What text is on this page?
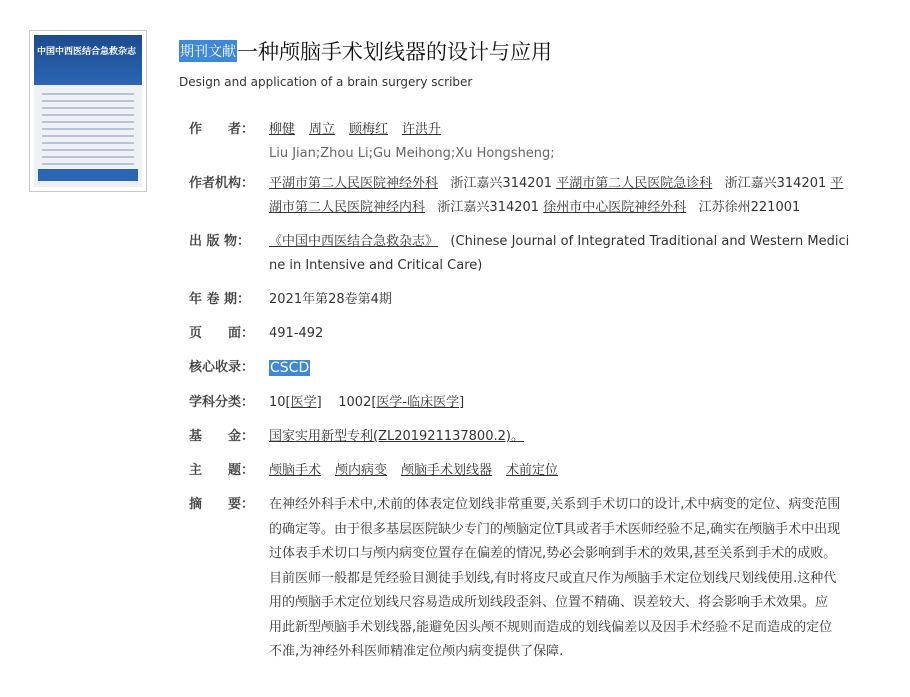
中国中西医结合急救杂志	期刊文献一种颅脑手术划线器的设计与应用
Design and application of a brain surgery scriber
作　　者：	柳健 周立 顾梅红 许洪升
Liu Jian;Zhou Li;Gu Meihong;Xu Hongsheng;
作者机构：	平湖市第二人民医院神经外科 浙江嘉兴314201 平湖市第二人民医院急诊科 浙江嘉兴314201 平
湖市第二人民医院神经内科 浙江嘉兴314201 徐州市中心医院神经外科 江苏徐州221001
出 版 物：	《中国中西医结合急救杂志》 (Chinese Journal of Integrated Traditional and Western Medici
ne in Intensive and Critical Care)
年 卷 期：	2021年第28卷第4期
页　　面：	491-492
核心收录：	CSCD
学科分类：	10[医学]    1002[医学-临床医学]
基　　金：	国家实用新型专利(ZL201921137800.2)。
主　　题：	颅脑手术 颅内病变 颅脑手术划线器 术前定位
摘　　要：	在神经外科手术中,术前的体表定位划线非常重要,关系到手术切口的设计,术中病变的定位、病变范围
的确定等。由于很多基层医院缺少专门的颅脑定位T具或者手术医师经验不足,确实在颅脑手术中出现
过体表手术切口与颅内病变位置存在偏差的情况,势必会影响到手术的效果,甚至关系到手术的成败。
目前医师一般都是凭经验目测徒手划线,有时将皮尺或直尺作为颅脑手术定位划线尺划线使用.这种代
用的颅脑手术定位划线尺容易造成所划线段歪斜、位置不精确、误差较大、将会影响手术效果。应
用此新型颅脑手术划线器,能避免因头颅不规则而造成的划线偏差以及因手术经验不足而造成的定位
不准,为神经外科医师精准定位颅内病变提供了保障.
